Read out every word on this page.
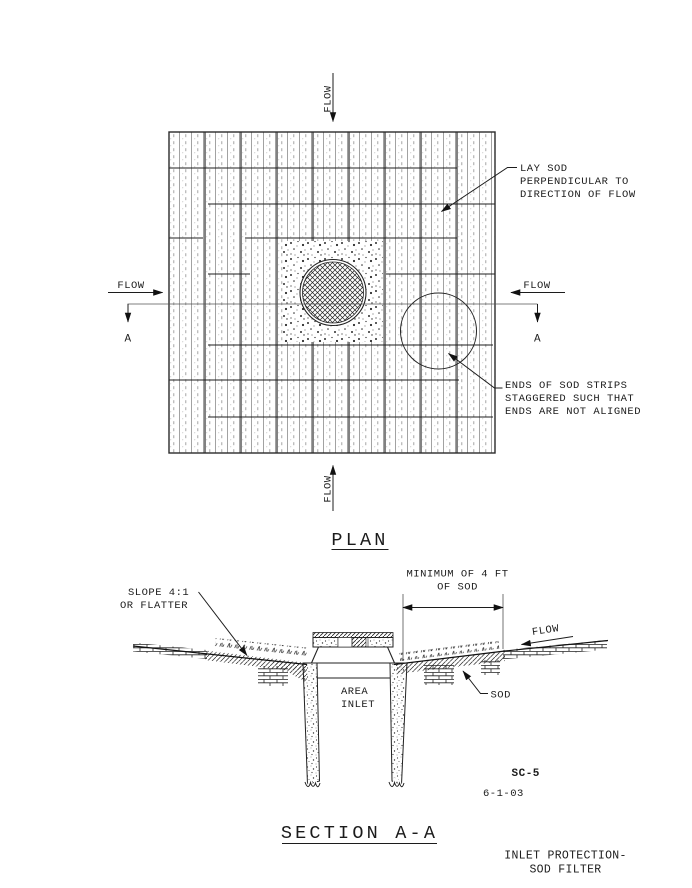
A	A
FLOW
FLOW
FLOW	FLOW
LAY SOD
PERPENDICULAR TO
DIRECTION OF FLOW
ENDS OF SOD STRIPS
STAGGERED SUCH THAT
ENDS ARE NOT ALIGNED
PLAN
AREA
INLET
MINIMUM OF 4 FT
OF SOD
SLOPE 4:1
OR FLATTER
FLOW
SOD
SC-5
6-1-03
SECTION A-A
INLET PROTECTION-
SOD FILTER
